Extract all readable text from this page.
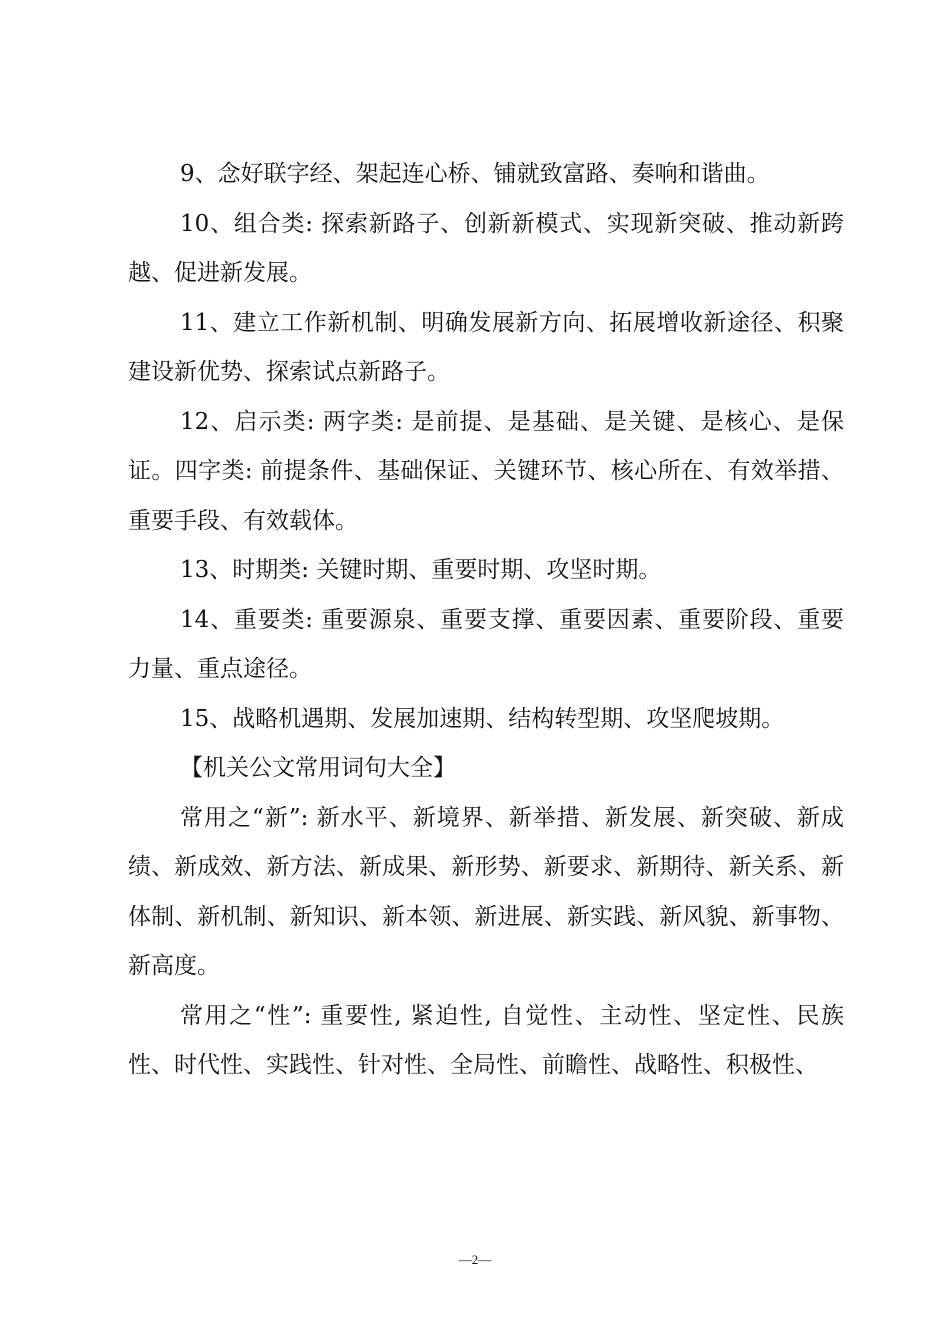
9、念好联字经、架起连心桥、铺就致富路、奏响和谐曲。

10、组合类: 探索新路子、创新新模式、实现新突破、推动新跨越、促进新发展。

11、建立工作新机制、明确发展新方向、拓展增收新途径、积聚建设新优势、探索试点新路子。

12、启示类: 两字类: 是前提、是基础、是关键、是核心、是保证。四字类: 前提条件、基础保证、关键环节、核心所在、有效举措、重要手段、有效载体。

13、时期类: 关键时期、重要时期、攻坚时期。

14、重要类: 重要源泉、重要支撑、重要因素、重要阶段、重要力量、重点途径。

15、战略机遇期、发展加速期、结构转型期、攻坚爬坡期。

【机关公文常用词句大全】

常用之“新”: 新水平、新境界、新举措、新发展、新突破、新成绩、新成效、新方法、新成果、新形势、新要求、新期待、新关系、新体制、新机制、新知识、新本领、新进展、新实践、新风貌、新事物、新高度。

常用之“性”: 重要性, 紧迫性, 自觉性、主动性、坚定性、民族性、时代性、实践性、针对性、全局性、前瞻性、战略性、积极性、

—2—
